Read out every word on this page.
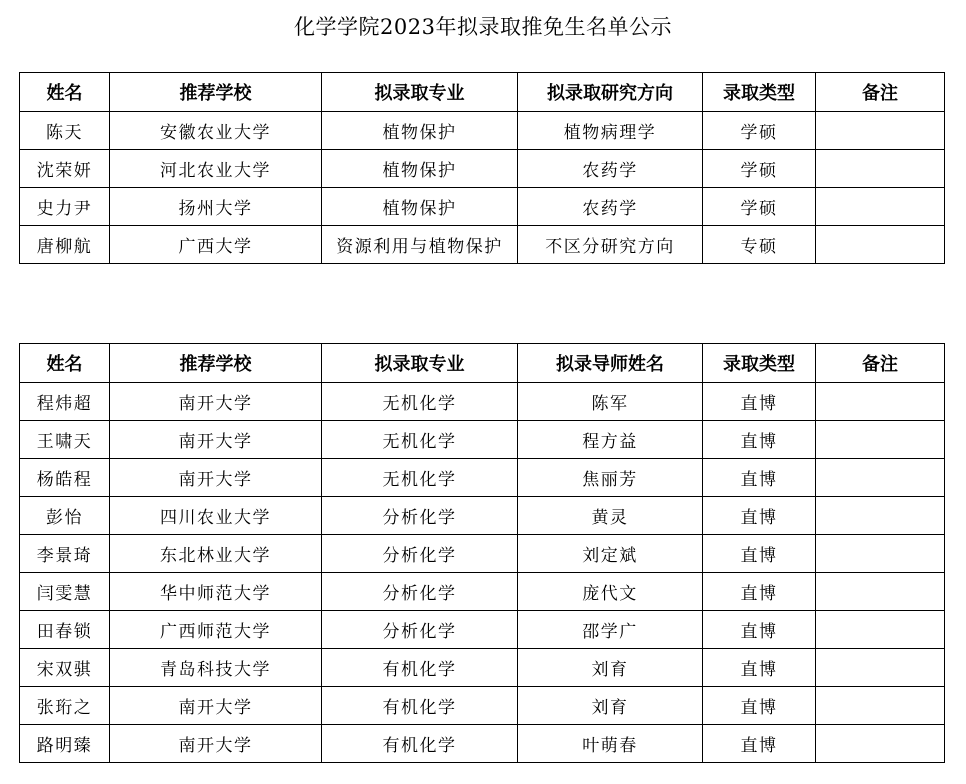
化学学院2023年拟录取推免生名单公示
姓名	推荐学校	拟录取专业	拟录取研究方向	录取类型	备注
陈天	安徽农业大学	植物保护	植物病理学	学硕	
沈荣妍	河北农业大学	植物保护	农药学	学硕	
史力尹	扬州大学	植物保护	农药学	学硕	
唐柳航	广西大学	资源利用与植物保护	不区分研究方向	专硕	
姓名	推荐学校	拟录取专业	拟录导师姓名	录取类型	备注
程炜超	南开大学	无机化学	陈军	直博	
王啸天	南开大学	无机化学	程方益	直博	
杨皓程	南开大学	无机化学	焦丽芳	直博	
彭怡	四川农业大学	分析化学	黄灵	直博	
李景琦	东北林业大学	分析化学	刘定斌	直博	
闫雯慧	华中师范大学	分析化学	庞代文	直博	
田春锁	广西师范大学	分析化学	邵学广	直博	
宋双骐	青岛科技大学	有机化学	刘育	直博	
张珩之	南开大学	有机化学	刘育	直博	
路明臻	南开大学	有机化学	叶萌春	直博	
